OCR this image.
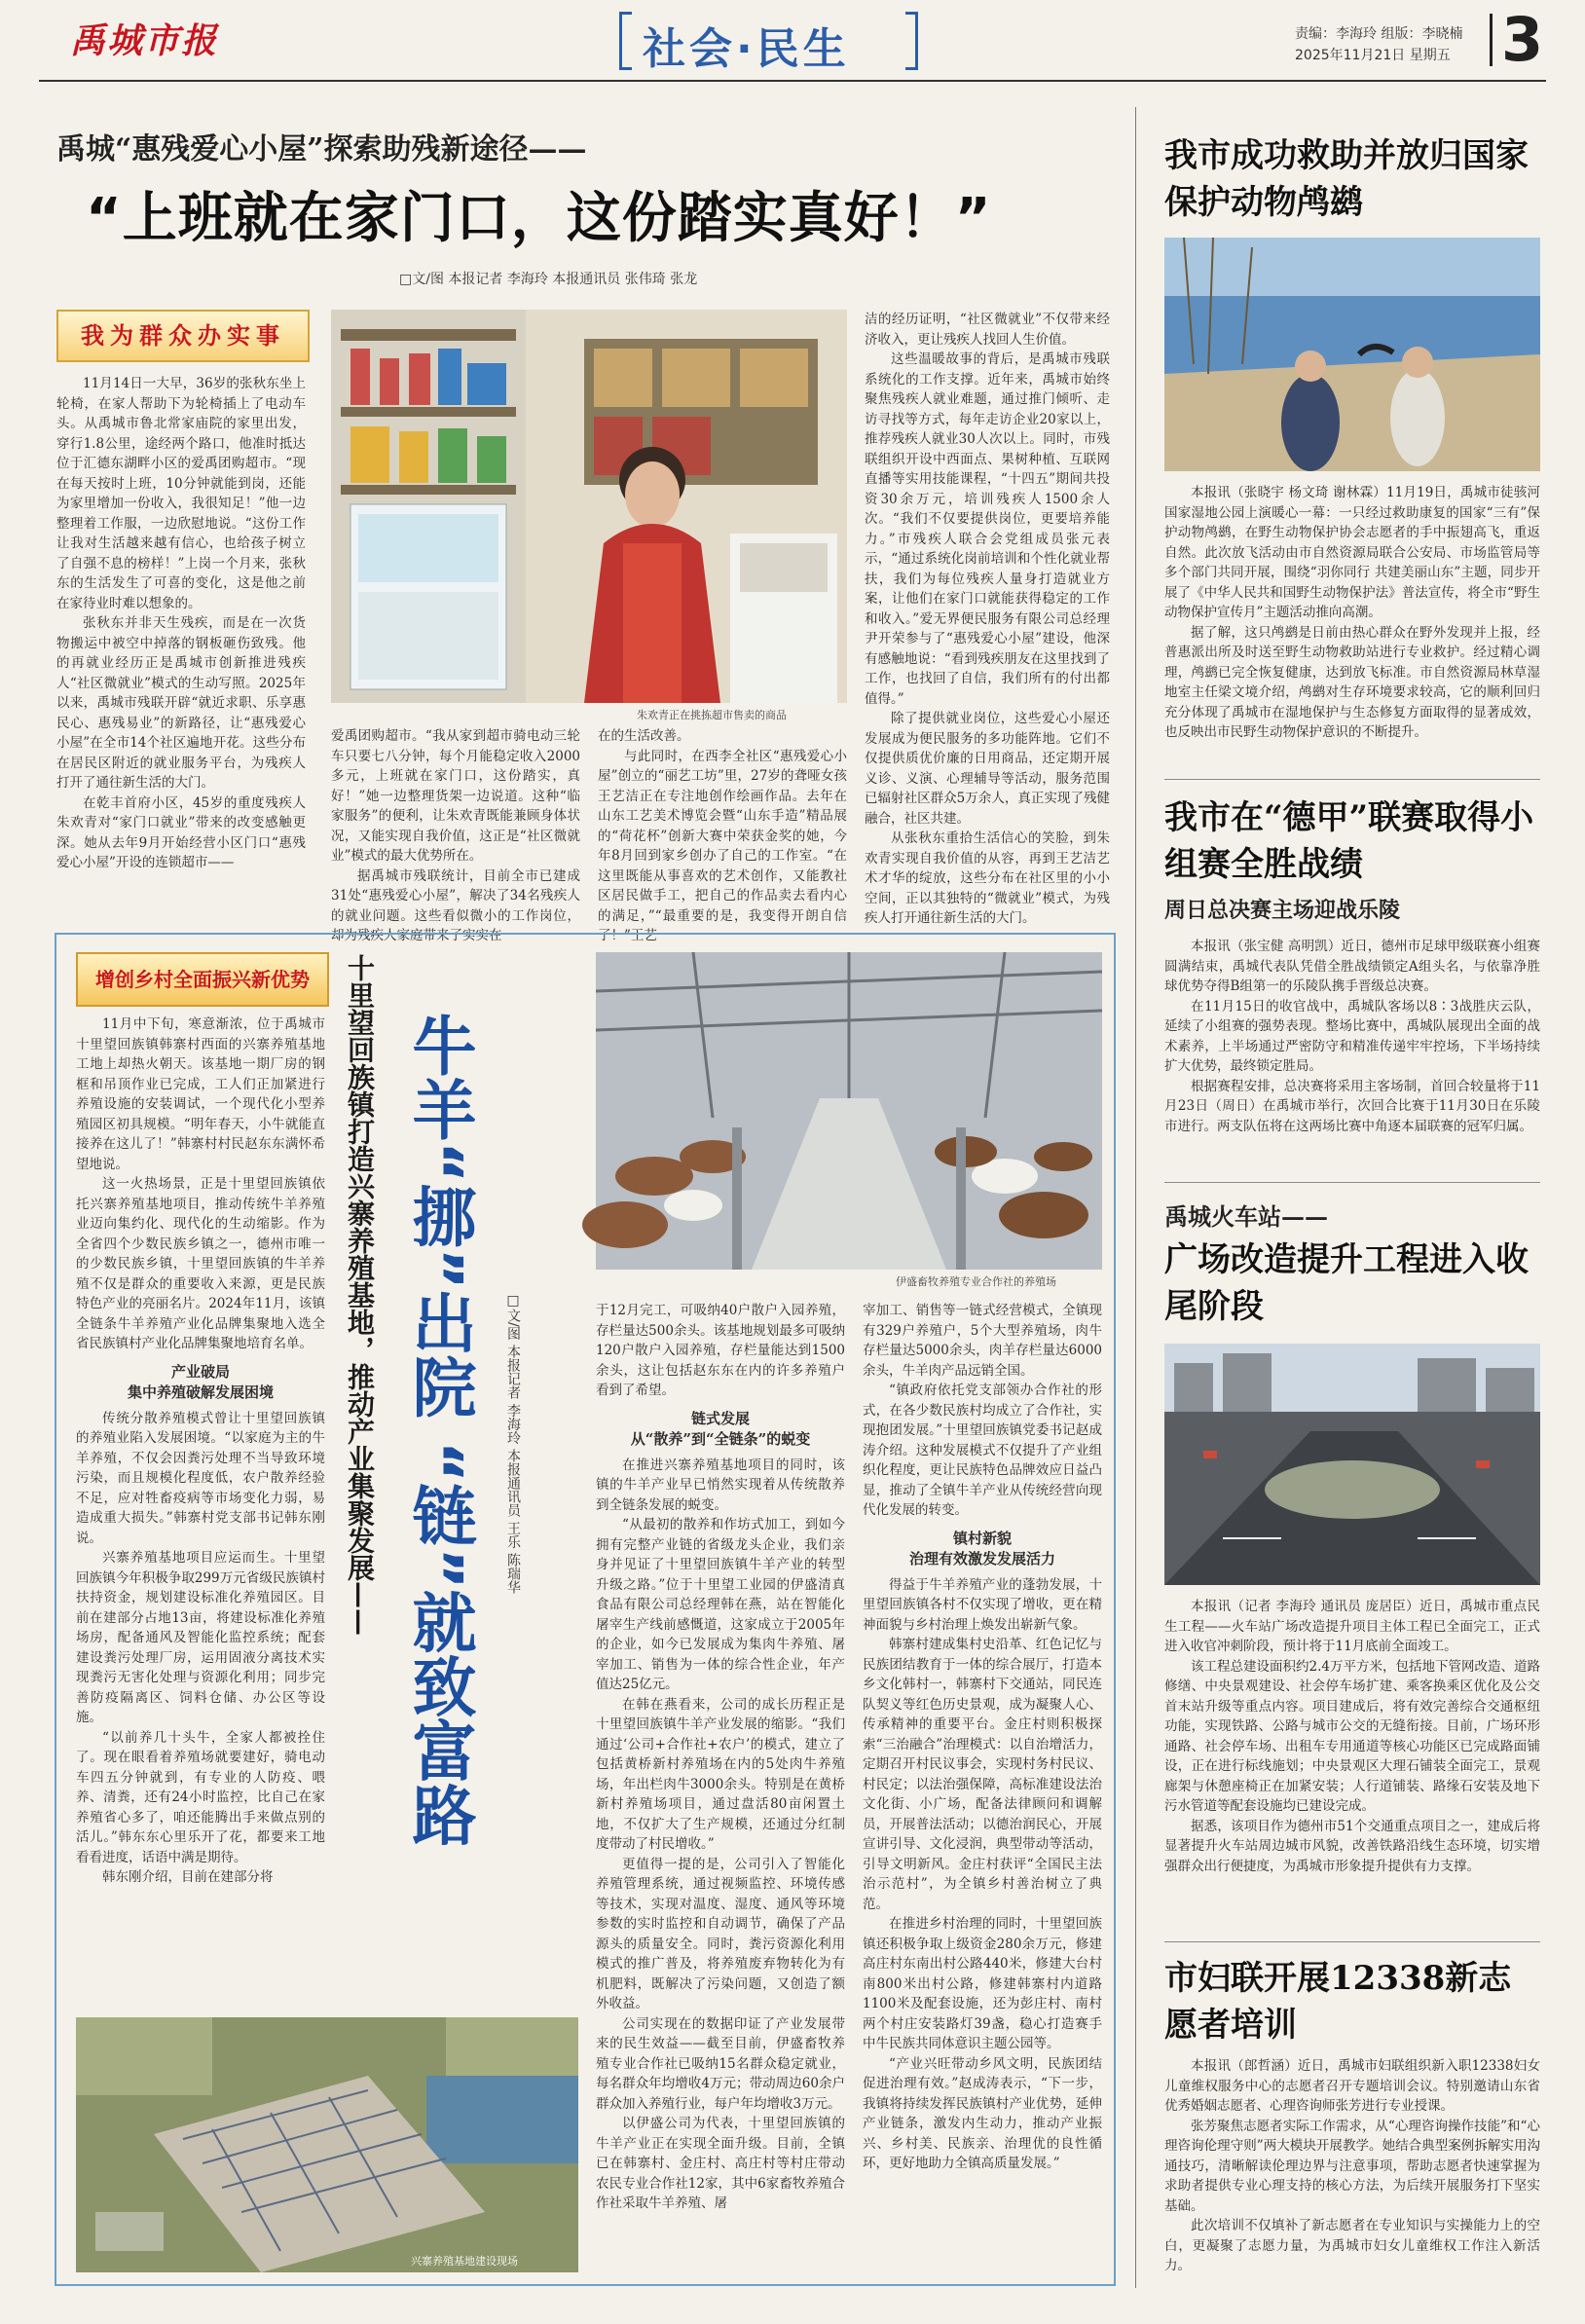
禹城市报	社会·民生	责编：李海玲 组版：李晓楠
2025年11月21日 星期五 3
禹城“惠残爱心小屋”探索助残新途径——
“上班就在家门口，这份踏实真好！”
□文/图 本报记者 李海玲 本报通讯员 张伟琦 张龙
我为群众办实事

11月14日一大早，36岁的张秋东坐上轮椅，在家人帮助下为轮椅插上了电动车头。从禹城市鲁北常家庙院的家里出发，穿行1.8公里，途经两个路口，他准时抵达位于汇德东湖畔小区的爱禹团购超市。“现在每天按时上班，10分钟就能到岗，还能为家里增加一份收入，我很知足！”他一边整理着工作服，一边欣慰地说。“这份工作让我对生活越来越有信心，也给孩子树立了自强不息的榜样！”上岗一个月来，张秋东的生活发生了可喜的变化，这是他之前在家待业时难以想象的。

张秋东并非天生残疾，而是在一次货物搬运中被空中掉落的钢板砸伤致残。他的再就业经历正是禹城市创新推进残疾人“社区微就业”模式的生动写照。2025年以来，禹城市残联开辟“就近求职、乐享惠民心、惠残易业”的新路径，让“惠残爱心小屋”在全市14个社区遍地开花。这些分布在居民区附近的就业服务平台，为残疾人打开了通往新生活的大门。

在乾丰首府小区，45岁的重度残疾人朱欢青对“家门口就业”带来的改变感触更深。她从去年9月开始经营小区门口“惠残爱心小屋”开设的连锁超市——

朱欢青正在挑拣超市售卖的商品

爱禹团购超市。“我从家到超市骑电动三轮车只要七八分钟，每个月能稳定收入2000多元，上班就在家门口，这份踏实，真好！”她一边整理货架一边说道。这种“临家服务”的便利，让朱欢青既能兼顾身体状况，又能实现自我价值，这正是“社区微就业”模式的最大优势所在。

据禹城市残联统计，目前全市已建成31处“惠残爱心小屋”，解决了34名残疾人的就业问题。这些看似微小的工作岗位，却为残疾人家庭带来了实实在

在的生活改善。

与此同时，在西李全社区“惠残爱心小屋”创立的“丽艺工坊”里，27岁的聋哑女孩王艺洁正在专注地创作绘画作品。去年在山东工艺美术博览会暨“山东手造”精品展的“荷花杯”创新大赛中荣获金奖的她，今年8月回到家乡创办了自己的工作室。“在这里既能从事喜欢的艺术创作，又能教社区居民做手工，把自己的作品卖去看内心的满足，”“最重要的是，我变得开朗自信了！”王艺

洁的经历证明，“社区微就业”不仅带来经济收入，更让残疾人找回人生价值。

这些温暖故事的背后，是禹城市残联系统化的工作支撑。近年来，禹城市始终聚焦残疾人就业难题，通过推门倾听、走访寻找等方式，每年走访企业20家以上，推荐残疾人就业30人次以上。同时，市残联组织开设中西面点、果树种植、互联网直播等实用技能课程，“十四五”期间共投资30余万元，培训残疾人1500余人次。“我们不仅要提供岗位，更要培养能力。”市残疾人联合会党组成员张元表示，“通过系统化岗前培训和个性化就业帮扶，我们为每位残疾人量身打造就业方案，让他们在家门口就能获得稳定的工作和收入。”爱无界便民服务有限公司总经理尹开荣参与了“惠残爱心小屋”建设，他深有感触地说：“看到残疾朋友在这里找到了工作，也找回了自信，我们所有的付出都值得。”

除了提供就业岗位，这些爱心小屋还发展成为便民服务的多功能阵地。它们不仅提供质优价廉的日用商品，还定期开展义诊、义演、心理辅导等活动，服务范围已辐射社区群众5万余人，真正实现了残健融合，社区共建。

从张秋东重拾生活信心的笑脸，到朱欢青实现自我价值的从容，再到王艺洁艺术才华的绽放，这些分布在社区里的小小空间，正以其独特的“微就业”模式，为残疾人打开通往新生活的大门。

我市成功救助并放归国家保护动物鸬鹚

本报讯（张晓宇 杨文琦 谢林霖）11月19日，禹城市徒骇河国家湿地公园上演暖心一幕：一只经过救助康复的国家“三有”保护动物鸬鹚，在野生动物保护协会志愿者的手中振翅高飞，重返自然。此次放飞活动由市自然资源局联合公安局、市场监管局等多个部门共同开展，围绕“羽你同行 共建美丽山东”主题，同步开展了《中华人民共和国野生动物保护法》普法宣传，将全市“野生动物保护宣传月”主题活动推向高潮。

据了解，这只鸬鹚是日前由热心群众在野外发现并上报，经普惠派出所及时送至野生动物救助站进行专业救护。经过精心调理，鸬鹚已完全恢复健康，达到放飞标准。市自然资源局林草湿地室主任梁文境介绍，鸬鹚对生存环境要求较高，它的顺利回归充分体现了禹城市在湿地保护与生态修复方面取得的显著成效，也反映出市民野生动物保护意识的不断提升。

我市在“德甲”联赛取得小组赛全胜战绩
周日总决赛主场迎战乐陵

本报讯（张宝健 高明凯）近日，德州市足球甲级联赛小组赛圆满结束，禹城代表队凭借全胜战绩锁定A组头名，与依靠净胜球优势夺得B组第一的乐陵队携手晋级总决赛。

在11月15日的收官战中，禹城队客场以8∶3战胜庆云队，延续了小组赛的强势表现。整场比赛中，禹城队展现出全面的战术素养，上半场通过严密防守和精准传递牢牢控场，下半场持续扩大优势，最终锁定胜局。

根据赛程安排，总决赛将采用主客场制，首回合较量将于11月23日（周日）在禹城市举行，次回合比赛于11月30日在乐陵市进行。两支队伍将在这两场比赛中角逐本届联赛的冠军归属。

禹城火车站——
广场改造提升工程进入收尾阶段

本报讯（记者 李海玲 通讯员 庞居臣）近日，禹城市重点民生工程——火车站广场改造提升项目主体工程已全面完工，正式进入收官冲刺阶段，预计将于11月底前全面竣工。

该工程总建设面积约2.4万平方米，包括地下管网改造、道路修缮、中央景观建设、社会停车场扩建、乘客换乘区优化及公交首末站升级等重点内容。项目建成后，将有效完善综合交通枢纽功能，实现铁路、公路与城市公交的无缝衔接。目前，广场环形通路、社会停车场、出租车专用通道等核心功能区已完成路面铺设，正在进行标线施划；中央景观区大理石铺装全面完工，景观廊架与休憩座椅正在加紧安装；人行道铺装、路缘石安装及地下污水管道等配套设施均已建设完成。

据悉，该项目作为德州市51个交通重点项目之一，建成后将显著提升火车站周边城市风貌，改善铁路沿线生态环境，切实增强群众出行便捷度，为禹城市形象提升提供有力支撑。

市妇联开展12338新志愿者培训

本报讯（郎哲涵）近日，禹城市妇联组织新入职12338妇女儿童维权服务中心的志愿者召开专题培训会议。特别邀请山东省优秀婚姻志愿者、心理咨询师张芳进行专业授课。

张芳聚焦志愿者实际工作需求，从“心理咨询操作技能”和“心理咨询伦理守则”两大模块开展教学。她结合典型案例拆解实用沟通技巧，清晰解读伦理边界与注意事项，帮助志愿者快速掌握为求助者提供专业心理支持的核心方法，为后续开展服务打下坚实基础。

此次培训不仅填补了新志愿者在专业知识与实操能力上的空白，更凝聚了志愿力量，为禹城市妇女儿童维权工作注入新活力。

增创乡村全面振兴新优势

11月中下旬，寒意渐浓，位于禹城市十里望回族镇韩寨村西面的兴寨养殖基地工地上却热火朝天。该基地一期厂房的钢框和吊顶作业已完成，工人们正加紧进行养殖设施的安装调试，一个现代化小型养殖园区初具规模。“明年春天，小牛就能直接养在这儿了！”韩寨村村民赵东东满怀希望地说。

这一火热场景，正是十里望回族镇依托兴寨养殖基地项目，推动传统牛羊养殖业迈向集约化、现代化的生动缩影。作为全省四个少数民族乡镇之一，德州市唯一的少数民族乡镇，十里望回族镇的牛羊养殖不仅是群众的重要收入来源，更是民族特色产业的亮丽名片。2024年11月，该镇全链条牛羊养殖产业化品牌集聚地入选全省民族镇村产业化品牌集聚地培育名单。

产业破局
集中养殖破解发展困境

传统分散养殖模式曾让十里望回族镇的养殖业陷入发展困境。“以家庭为主的牛羊养殖，不仅会因粪污处理不当导致环境污染，而且规模化程度低，农户散养经验不足，应对牲畜疫病等市场变化力弱，易造成重大损失。”韩寨村党支部书记韩东刚说。

兴寨养殖基地项目应运而生。十里望回族镇今年积极争取299万元省级民族镇村扶持资金，规划建设标准化养殖园区。目前在建部分占地13亩，将建设标准化养殖场房，配备通风及智能化监控系统；配套建设粪污处理厂房，运用固液分离技术实现粪污无害化处理与资源化利用；同步完善防疫隔离区、饲料仓储、办公区等设施。

“以前养几十头牛，全家人都被拴住了。现在眼看着养殖场就要建好，骑电动车四五分钟就到，有专业的人防疫、喂养、清粪，还有24小时监控，比自己在家养殖省心多了，咱还能腾出手来做点别的活儿。”韩东东心里乐开了花，都要来工地看看进度，话语中满是期待。

韩东刚介绍，目前在建部分将

十里望回族镇打造兴寨养殖基地，推动产业集聚发展—— 牛羊“挪”出院 “链”就致富路 □文/图 本报记者 李海玲 本报通讯员 王乐 陈瑞华
伊盛畜牧养殖专业合作社的养殖场

于12月完工，可吸纳40户散户入园养殖，存栏量达500余头。该基地规划最多可吸纳120户散户入园养殖，存栏量能达到1500余头，这让包括赵东东在内的许多养殖户看到了希望。

链式发展
从“散养”到“全链条”的蜕变

在推进兴寨养殖基地项目的同时，该镇的牛羊产业早已悄然实现着从传统散养到全链条发展的蜕变。

“从最初的散养和作坊式加工，到如今拥有完整产业链的省级龙头企业，我们亲身并见证了十里望回族镇牛羊产业的转型升级之路。”位于十里望工业园的伊盛清真食品有限公司总经理韩在燕，站在智能化屠宰生产线前感慨道，这家成立于2005年的企业，如今已发展成为集肉牛养殖、屠宰加工、销售为一体的综合性企业，年产值达25亿元。

在韩在燕看来，公司的成长历程正是十里望回族镇牛羊产业发展的缩影。“我们通过‘公司+合作社+农户’的模式，建立了包括黄桥新村养殖场在内的5处肉牛养殖场，年出栏肉牛3000余头。特别是在黄桥新村养殖场项目，通过盘活80亩闲置土地，不仅扩大了生产规模，还通过分红制度带动了村民增收。”

更值得一提的是，公司引入了智能化养殖管理系统，通过视频监控、环境传感等技术，实现对温度、湿度、通风等环境参数的实时监控和自动调节，确保了产品源头的质量安全。同时，粪污资源化利用模式的推广普及，将养殖废弃物转化为有机肥料，既解决了污染问题，又创造了额外收益。

公司实现在的数据印证了产业发展带来的民生效益——截至目前，伊盛畜牧养殖专业合作社已吸纳15名群众稳定就业，每名群众年均增收4万元；带动周边60余户群众加入养殖行业，每户年均增收3万元。

以伊盛公司为代表，十里望回族镇的牛羊产业正在实现全面升级。目前，全镇已在韩寨村、金庄村、高庄村等村庄带动农民专业合作社12家，其中6家畜牧养殖合作社采取牛羊养殖、屠

宰加工、销售等一链式经营模式，全镇现有329户养殖户，5个大型养殖场，肉牛存栏量达5000余头，肉羊存栏量达6000余头，牛羊肉产品远销全国。

“镇政府依托党支部领办合作社的形式，在各少数民族村均成立了合作社，实现抱团发展。”十里望回族镇党委书记赵成涛介绍。这种发展模式不仅提升了产业组织化程度，更让民族特色品牌效应日益凸显，推动了全镇牛羊产业从传统经营向现代化发展的转变。

镇村新貌
治理有效激发发展活力

得益于牛羊养殖产业的蓬勃发展，十里望回族镇各村不仅实现了增收，更在精神面貌与乡村治理上焕发出崭新气象。

韩寨村建成集村史沿革、红色记忆与民族团结教育于一体的综合展厅，打造本乡文化韩村一，韩寨村下交通站，同民连队契义等红色历史景观，成为凝聚人心、传承精神的重要平台。金庄村则积极探索“三治融合”治理模式：以自治增活力，定期召开村民议事会，实现村务村民议、村民定；以法治强保障，高标准建设法治文化街、小广场，配备法律顾问和调解员，开展普法活动；以德治润民心，开展宣讲引导、文化浸润，典型带动等活动，引导文明新风。金庄村获评“全国民主法治示范村”，为全镇乡村善治树立了典范。

在推进乡村治理的同时，十里望回族镇还积极争取上级资金280余万元，修建高庄村东南出村公路440米，修建大台村南800米出村公路，修建韩寨村内道路1100米及配套设施，还为彭庄村、南村两个村庄安装路灯39盏，稳心打造赛手中牛民族共同体意识主题公园等。

“产业兴旺带动乡风文明，民族团结促进治理有效。”赵成涛表示，“下一步，我镇将持续发挥民族镇村产业优势，延伸产业链条，激发内生动力，推动产业振兴、乡村美、民族亲、治理优的良性循环，更好地助力全镇高质量发展。”

兴寨养殖基地建设现场
